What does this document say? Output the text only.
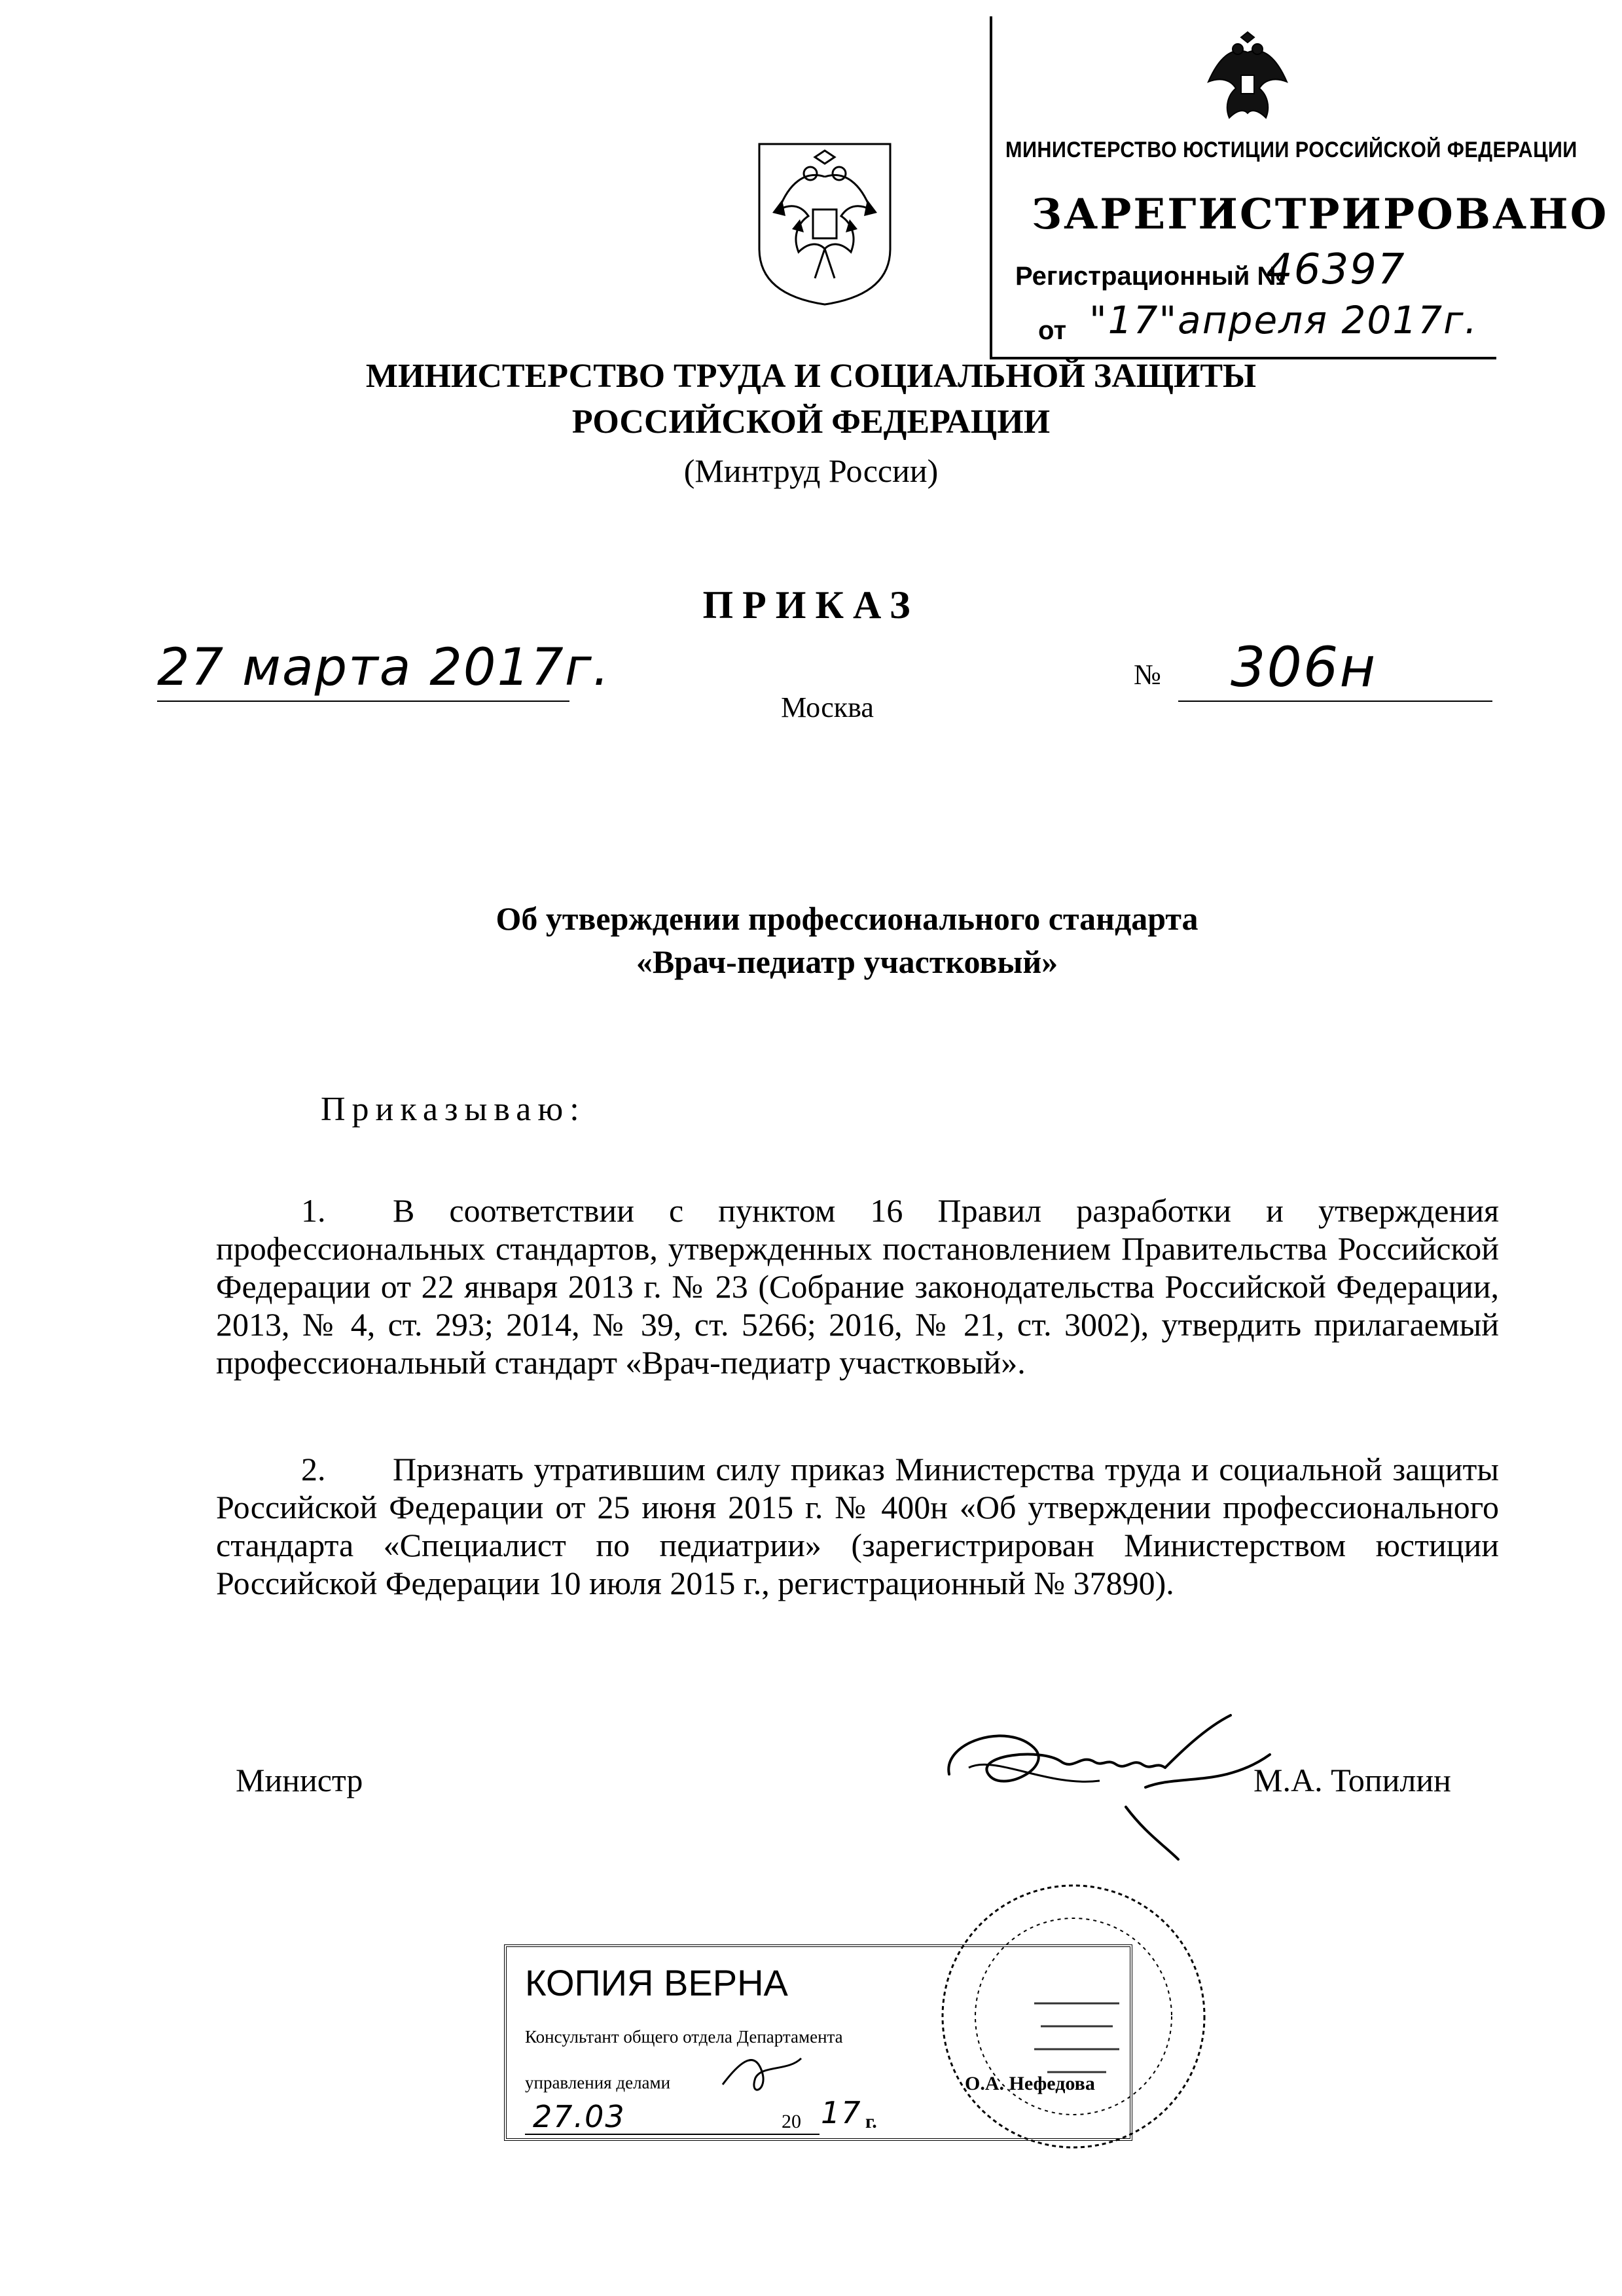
МИНИСТЕРСТВО ЮСТИЦИИ РОССИЙСКОЙ ФЕДЕРАЦИИ
ЗАРЕГИСТРИРОВАНО
Регистрационный №
46397
от "17"апреля 2017г.
МИНИСТЕРСТВО ТРУДА И СОЦИАЛЬНОЙ ЗАЩИТЫ
РОССИЙСКОЙ ФЕДЕРАЦИИ
(Минтруд России)
ПРИКАЗ
27 марта 2017г.	№ 306н
Москва
Об утверждении профессионального стандарта
«Врач-педиатр участковый»
Приказываю:
1. В соответствии с пунктом 16 Правил разработки и утверждения профессиональных стандартов, утвержденных постановлением Правительства Российской Федерации от 22 января 2013 г. № 23 (Собрание законодательства Российской Федерации, 2013, № 4, ст. 293; 2014, № 39, ст. 5266; 2016, № 21, ст. 3002), утвердить прилагаемый профессиональный стандарт «Врач-педиатр участковый».
2. Признать утратившим силу приказ Министерства труда и социальной защиты Российской Федерации от 25 июня 2015 г. № 400н «Об утверждении профессионального стандарта «Специалист по педиатрии» (зарегистрирован Министерством юстиции Российской Федерации 10 июля 2015 г., регистрационный № 37890).
Министр	М.А. Топилин
КОПИЯ ВЕРНА
Консультант общего отдела Департамента
управления делами	О.А. Нефедова
27.03	20 17 г.
